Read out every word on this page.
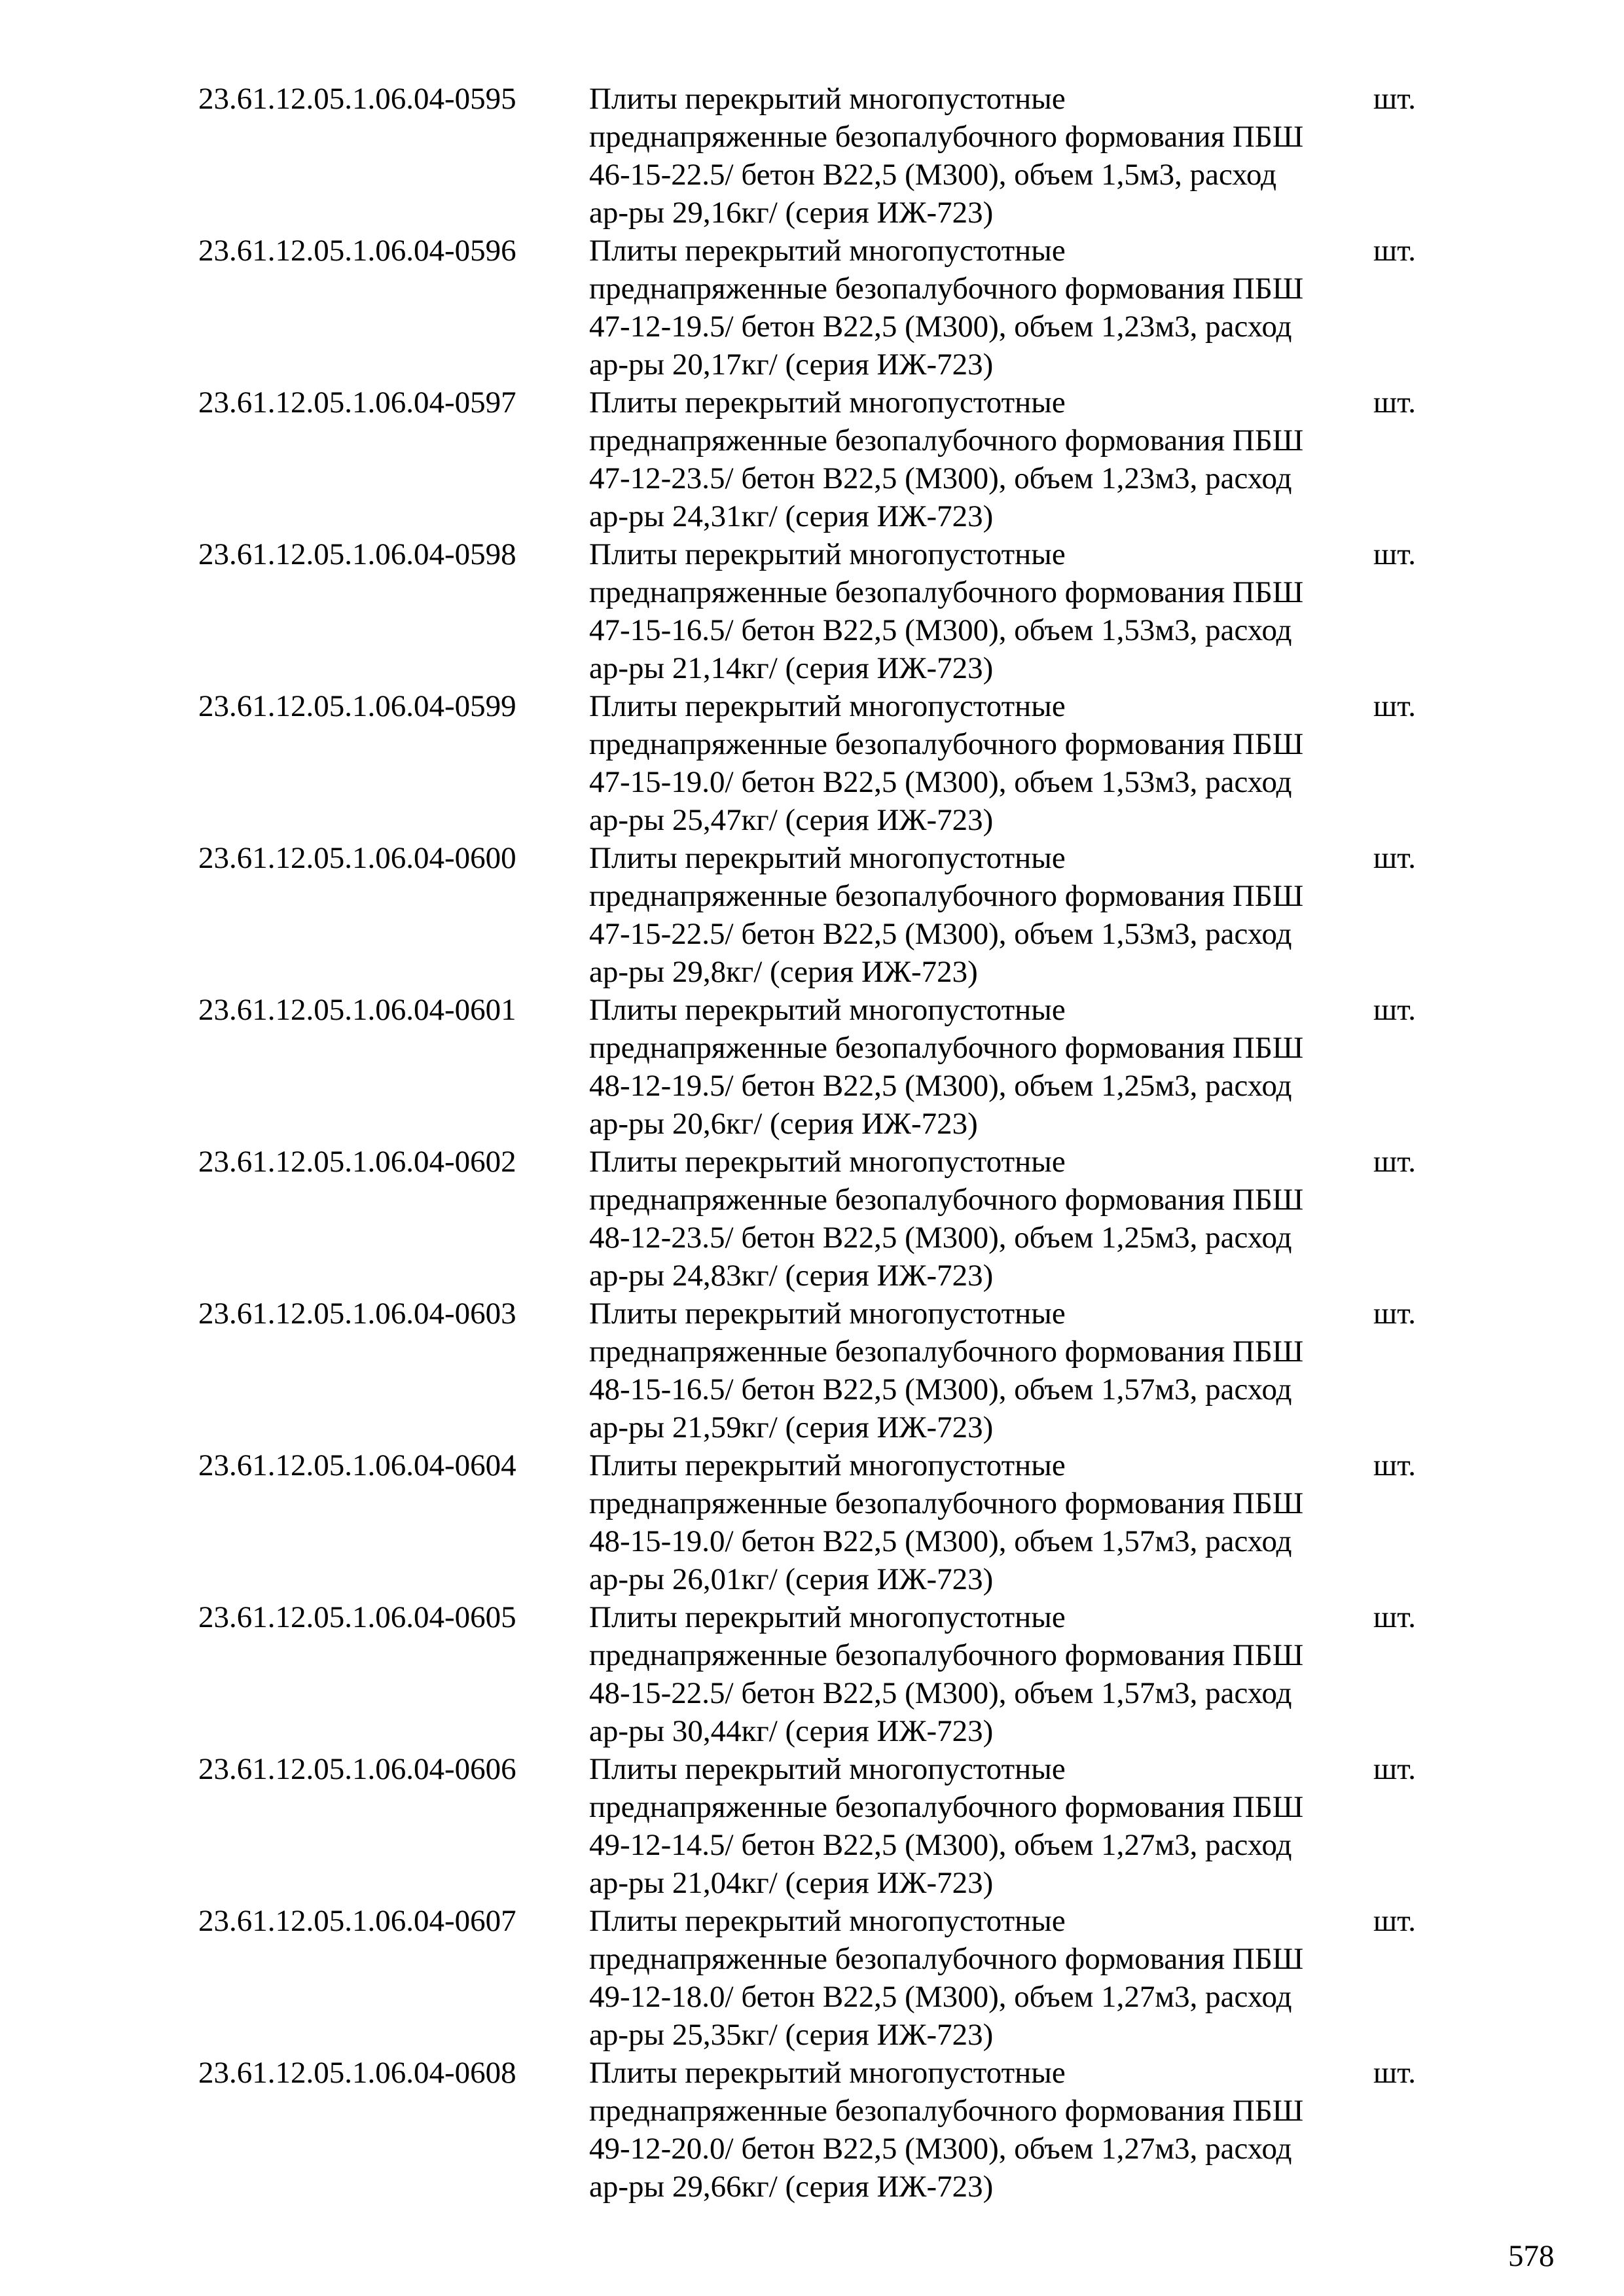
23.61.12.05.1.06.04-0595 Плиты перекрытий многопустотные
преднапряженные безопалубочного формования ПБШ
46-15-22.5/ бетон В22,5 (М300), объем 1,5м3, расход
ар-ры 29,16кг/ (серия ИЖ-723)
шт.
23.61.12.05.1.06.04-0596 Плиты перекрытий многопустотные
преднапряженные безопалубочного формования ПБШ
47-12-19.5/ бетон В22,5 (М300), объем 1,23м3, расход
ар-ры 20,17кг/ (серия ИЖ-723)
шт.
23.61.12.05.1.06.04-0597 Плиты перекрытий многопустотные
преднапряженные безопалубочного формования ПБШ
47-12-23.5/ бетон В22,5 (М300), объем 1,23м3, расход
ар-ры 24,31кг/ (серия ИЖ-723)
шт.
23.61.12.05.1.06.04-0598 Плиты перекрытий многопустотные
преднапряженные безопалубочного формования ПБШ
47-15-16.5/ бетон В22,5 (М300), объем 1,53м3, расход
ар-ры 21,14кг/ (серия ИЖ-723)
шт.
23.61.12.05.1.06.04-0599 Плиты перекрытий многопустотные
преднапряженные безопалубочного формования ПБШ
47-15-19.0/ бетон В22,5 (М300), объем 1,53м3, расход
ар-ры 25,47кг/ (серия ИЖ-723)
шт.
23.61.12.05.1.06.04-0600 Плиты перекрытий многопустотные
преднапряженные безопалубочного формования ПБШ
47-15-22.5/ бетон В22,5 (М300), объем 1,53м3, расход
ар-ры 29,8кг/ (серия ИЖ-723)
шт.
23.61.12.05.1.06.04-0601 Плиты перекрытий многопустотные
преднапряженные безопалубочного формования ПБШ
48-12-19.5/ бетон В22,5 (М300), объем 1,25м3, расход
ар-ры 20,6кг/ (серия ИЖ-723)
шт.
23.61.12.05.1.06.04-0602 Плиты перекрытий многопустотные
преднапряженные безопалубочного формования ПБШ
48-12-23.5/ бетон В22,5 (М300), объем 1,25м3, расход
ар-ры 24,83кг/ (серия ИЖ-723)
шт.
23.61.12.05.1.06.04-0603 Плиты перекрытий многопустотные
преднапряженные безопалубочного формования ПБШ
48-15-16.5/ бетон В22,5 (М300), объем 1,57м3, расход
ар-ры 21,59кг/ (серия ИЖ-723)
шт.
23.61.12.05.1.06.04-0604 Плиты перекрытий многопустотные
преднапряженные безопалубочного формования ПБШ
48-15-19.0/ бетон В22,5 (М300), объем 1,57м3, расход
ар-ры 26,01кг/ (серия ИЖ-723)
шт.
23.61.12.05.1.06.04-0605 Плиты перекрытий многопустотные
преднапряженные безопалубочного формования ПБШ
48-15-22.5/ бетон В22,5 (М300), объем 1,57м3, расход
ар-ры 30,44кг/ (серия ИЖ-723)
шт.
23.61.12.05.1.06.04-0606 Плиты перекрытий многопустотные
преднапряженные безопалубочного формования ПБШ
49-12-14.5/ бетон В22,5 (М300), объем 1,27м3, расход
ар-ры 21,04кг/ (серия ИЖ-723)
шт.
23.61.12.05.1.06.04-0607 Плиты перекрытий многопустотные
преднапряженные безопалубочного формования ПБШ
49-12-18.0/ бетон В22,5 (М300), объем 1,27м3, расход
ар-ры 25,35кг/ (серия ИЖ-723)
шт.
23.61.12.05.1.06.04-0608 Плиты перекрытий многопустотные
преднапряженные безопалубочного формования ПБШ
49-12-20.0/ бетон В22,5 (М300), объем 1,27м3, расход
ар-ры 29,66кг/ (серия ИЖ-723)
шт.
578
